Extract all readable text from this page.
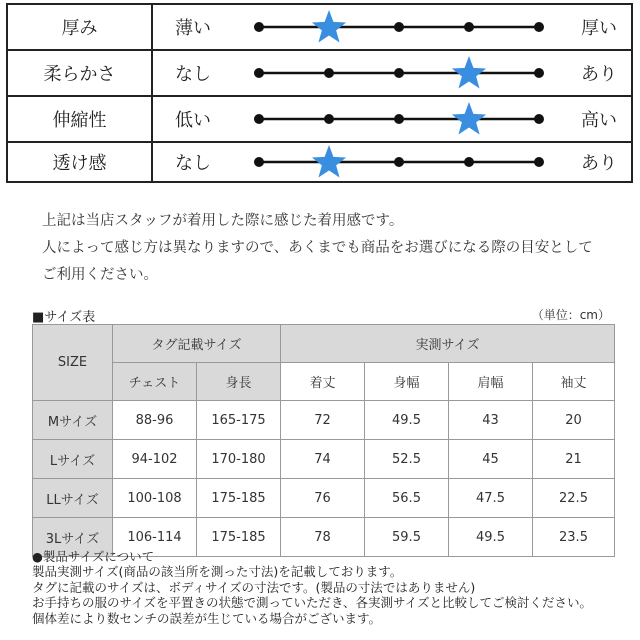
厚み	薄い	厚い
柔らかさ	なし	あり
伸縮性	低い	高い
透け感	なし	あり
上記は当店スタッフが着用した際に感じた着用感です。
人によって感じ方は異なりますので、あくまでも商品をお選びになる際の目安として
ご利用ください。
■サイズ表	（単位：cm）
SIZE	タグ記載サイズ		実測サイズ			
	チェスト	身長	着丈	身幅	肩幅	袖丈
Mサイズ	88-96	165-175	72	49.5	43	20
Lサイズ	94-102	170-180	74	52.5	45	21
LLサイズ	100-108	175-185	76	56.5	47.5	22.5
3Lサイズ	106-114	175-185	78	59.5	49.5	23.5
●製品サイズについて
製品実測サイズ(商品の該当所を測った寸法)を記載しております。
タグに記載のサイズは、ボディサイズの寸法です。(製品の寸法ではありません)
お手持ちの服のサイズを平置きの状態で測っていただき、各実測サイズと比較してご検討ください。
個体差により数センチの誤差が生じている場合がございます。
